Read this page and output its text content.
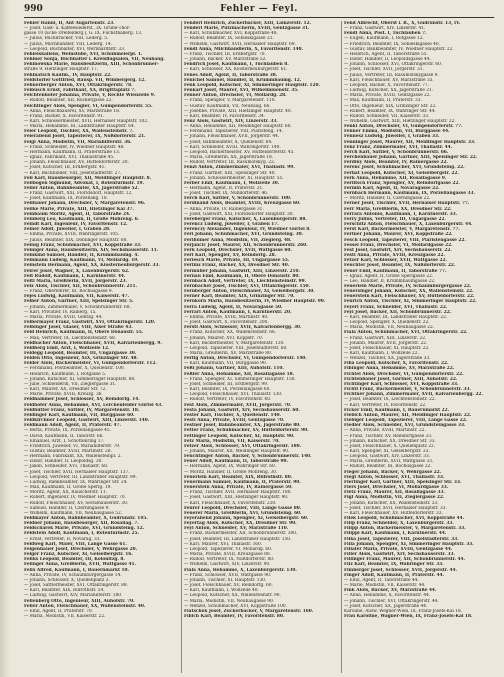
990	Fehler — Feyl.
Fehler Hanni, II, Ant Augartenstr. 23.
— Josef, Gast- u. Kaffeesiedersf., IX. Grüne-Thor-
gasse 10 (Ecke Dreifelderg.), G. IX, Fuchsthallerg. 13.
— Julius, Buchdrucker, VIII, Lederg. 5.
— Julius, Milchhändler, VIII, Lederg. 14.
— Leopold, Buchbalter, XVI, Wernhardtstr. 33.
Fehleiskaliens, Weinstube, XVI, Schuhmeierpl. 1.
Fehlner Sonja, Buchhalter i. Kreisflugsalen, VII, Neubaug.
Fehlnowska Marie, Hausbesitzerin, XIII, Schönbrunner-
straße 9, Hietzinger Hauptstr. 17.
Fehlnatsch Kaufm., IV, Hauptstr. 22.
Feldstorfer Gottfried, Bausp. VII, Wimbergerg. 12.
Fehnerberger Anton, XVI, Ottakringerstr. 78.
Feibusch Ernst, Fabrikant, XX, Brigittaplatz 7.
Feichtenhofer Johanna, Private, V, Rechte Wienzeile 9.
— Rudolf, Beamter, XII, Ruckergasse 22.
Feichtinger Alois, Spengler, VI, Gumpendorferstr. 55.
— Anna, Fleischhauerei, XV, Märzstraße 18.
— Franz, Bäcker, X, Favoritenstr. 91.
— Karl, Schlossermeister, XVII, Hernalser Hauptstr. 102.
— Maria, Hebamme, III, Landstraßer Hauptstr. 64.
Feier Leopold, Tischler, XX, Wallensteinstr. 7.
Feierabend Josef, Tapezierer, IX, Nußdorferstr. 21.
Feigl Anna, Modistin, VII, Mariahilferstr. 36.
— Franz, Schneider, IV, Wiedner Hauptstr. 48.
— Hermann, Kaufmann, II, Praterstraße 13.
— Ignaz, Fabrikant, XVI, Thaliastraße 45.
— Johann, Fleischhauer, XV, Hütteldorferstr. 20.
— Josef, Kutscher, III, Erdbergstr. 41.
— Karl, Buchbinder, VIII, Josefstädterstr. 27.
Feil Karl, Hausbesorger, XII, Meidlinger Hauptstr. 8.
Feilbogen Sigmund, Advokat, I, Rotenturmstr. 19.
Feiler Anton, Bahnbeamter, XX, Jägerstraße 52.
— Franz, Gastwirt, XXI, Floridsdorf, Hauptstr. 12.
— Josef, Kaufmann, IX, Porzellang. 18.
Feilhauer Johann, Drechsler, V, Margaretenstr. 96.
Feilke Marie, Private, XIII, Hietzinger Kai 37.
Feinbaum Moritz, Agent, II, Taborstraße 24.
Feinberg Leo, Kaufmann, II, Große Mohreng. 6.
Feindt Karl, Ingenieur, IV, Favoritenstr. 12.
Feiner Adolf, Juwelier, I, Graben 28.
— Emma, Private, XVIII, Währingerstr. 105.
— Julius, Beamter, XIX, Döblinger Hauptstr. 60.
Feinig Franz, Schuhmacher, XVI, Koppstraße 33.
Feiniger Anna, Hausbesitzerin, XIV, Sechshauserstr. 11.
Feinkind Samuel, Händler, II, Krummbaumg. 4.
Feinmann Ludwig, Kaufmann, VI, Mollardg. 19.
Feinstein Hermann, Agent, XX, Klosterneuburgerstr. 33.
Feirer Josef, Wagner, X, Laxenburgerstr. 62.
Feit Rudolf, Kaufmann, I, Kärntnerstr. 44.
Feitl Maria, Greißlerin, XVII, Jörgerstr. 23.
Feix Alois, Tischler, XII, Schönbrunnerstr. 211.
— Franz, Oberlehrer, III, Rochusgasse 9.
Fejes Ludwig, Kaufmann, VII, Kaiserstr. 47.
Felber Anton, Gärtner, XIII, Speisinger Str. 5.
— Johann, Zimmermaler, V, Schönbrunnerstr. 68.
— Karl, Privatier, IV, Rainerg. 15.
— Maria, Private, XVIII, Gentzg. 44.
Felbermayer Franz, Gastwirt, XVI, Ottakringerstr. 120.
Felbinger Josef, Glaser, VIII, Alser Straße 43.
Feld Heinrich, Kaufmann, II, Obere Donaustr. 55.
— Max, Vertreter, IX, Liechtensteinstr. 68.
Feldbacher Anton, Fleischhauer, XVII, Kalvarienbergg. 9.
Feldberg Emil, Arzt, I, Wollzeile 12.
Feldegg Leopold, Beamter, III, Ungargasse 30.
Felden Otto, Ingenieur, XIX, Grinzinger Str. 48.
Felder Alois, Bäckermeister, VI, Gumpendorferstr. 112.
— Ferdinand, Postbeamter, X, Quellenstr. 100.
— Heinrich, Kaufmann, I, Rotgasse 5.
— Johann, Kutscher, XI, Simmeringer Hauptstr. 88.
— Julie, Schneiderin, VII, Zieglergasse 31.
— Karl, Maurer, XX, Dresdner Str. 72.
— Marie, Private, XVIII, Kreuzg. 36.
Feldhammer Josef, Schlosser, XV, Reindorfg. 14.
Feldhofer Anna, Hebamme, XVI, Lerchenfelder Gürtel 43.
Feldhütter Franz, Sattler, IV, Margaretenstr. 18.
Feldinger Karl, Kaufmann, VII, Burggasse 60.
Feldkirchner Leopold, Gastwirt, XIII, Linzerstr. 140.
Feldmann Adolf, Agent, II, Praterstr. 47.
— Berta, Private, IX, Porzellangasse 45.
— David, Kaufmann, II, Taborstr. 66.
— Emanuel, Arzt, I, Schottenring 17.
— Friedrich, Juwelier, VI, Mariahilferstr. 79.
— Gustav, Beamter, XVIII, Martinstr. 28.
— Hermann, Fabrikant, XX, Wallensteinpl. 2.
— Isidor, Händler, II, Leopoldsg. 30.
— Jakob, Schneider, XVI, Thaliastr. 68.
— Josef, Tischler, XVII, Hernalser Hauptstr. 137.
— Leopold, Vertreter, III, Landstraßer Hauptstr. 99.
— Ludwig, Bankbeamter, IX, Währinger Str. 24.
— Max, Kaufmann, II, Große Sperlg. 19.
— Moritz, Agent, XX, Rauscherstr. 11.
— Robert, Ingenieur, IV, Wiedner Hauptstr. 70.
— Rudolf, Fleischhauer, XV, Sechshauserstr. 30.
— Samuel, Händler, II, Czerningasse 9.
— Wilhelm, Kaufmann, VII, Neubaugasse 52.
Feldmayer Anton, Bahnbeamter, X, Gudrunstr. 145.
Feldner Johann, Hausbesorger, XII, Rosaliag. 7.
Feldscharek Marie, Private, XVI, Grundsteing. 12.
Feldstein Adolf, Kaufmann, I, Rotenturmstr. 25.
— Ernst, Vertreter, II, Novarag. 33.
Feldweg Karl, Maler, VIII, Lange Gasse 61.
Felgenhauer Josef, Drechsler, V, Wehrgasse 20.
Felger Franz, Kutscher, XI, Geiselbergstr. 16.
Feliks Leopold, Beamter, III, Kolonitzg. 8.
Felinger Anna, Greißlerin, XVII, Wattgasse 41.
Felix Alfred, Kaufmann, I, Bauernmarkt 10.
— Anna, Private, IV, Schaumburgergasse 14.
— Johann, Schlosser, X, Quellenplatz 3.
— Josef, Sattlermeister, XVI, Ottakringerstr. 88.
— Karl, Beamter, XIX, Billrothstr. 54.
— Ludwig, Gastwirt, XIV, Mariahilferstr. 180.
Fellenberg Otto, Ingenieur, XIII, Auhofstr. 70.
Feller Anton, Fleischhauer, XX, Wallensteinstr. 40.
— Emil, Agent, II, Praterstr. 70.
— Maria, Modistin, VII, Kaiserstr. 22.
Fenderl Heinrich, Zuckerbäcker, XIII, Lainzerstr. 12.
Fenderl Marie, Putzmacherin, XVIII, Gentzgasse 31.
— Karl, Schuhmacher, XVI, Koppstraße 48.
— Rudolf, Beamter, IX, Sobieskigasse 21.
— Wilhelm, Gastwirt, XVII, Hernalser Hauptstr. 69.
Fendl Anna, Milchhändlerin, X, Favoritenstr. 148.
— Franz, Tischler, III, Erdbergstr. 70.
— Johann, Bäcker, XV, Märzstraße 52.
Fendrich Josef, Kaufmann, I, Tuchlauben 8.
— Karl, Schlosser, XX, Klosterneuburgerstr. 61.
Fenes Adolf, Agent, II, Taborstraße 38.
Fenichel Samuel, Händler, II, Krummbaumg. 12.
Fenk Leopold, Kutscher, XI, Simmeringer Hauptstr. 120.
Fenkart Josef, Maurer, XVI, Wilhelminenstr. 35.
Fenner Anton, Drechsler, VI, Mollardg. 28.
— Franz, Spengler, V, Margaretenstr. 110.
— Gustav, Kaufmann, VII, Neubaug. 66.
— Josefine, Private, XIII, Hietzinger Hauptstr. 40.
— Karl, Beamter, IV, Favoritenstr. 34.
Fenz Alois, Gastwirt, XIV, Linzerstr. 33.
— Anna, Hebamme, XII, Meidlinger Hauptstr. 60.
— Ferdinand, Tapezierer, VIII, Piaristeng. 14.
— Johann, Fleischhauer, XVII, Jörgerstr. 44.
— Josef, Bahnbeamter, X, Quellenstr. 64.
— Karl, Schneider, XVIII, Währingerstr. 140.
— Leopold, Bäckermeister, XV, Hütteldorferstr. 45.
— Maria, Greißlerin, XX, Jägerstraße 18.
— Rudolf, Vertreter, III, Rasumofskyg. 22.
Fenzl Anton, Zimmermaler, XVI, Thaliastr. 99.
— Franz, Gärtner, XIII, Speisinger Str. 40.
— Johann, Schlossermeister, XI, Hauptstr. 55.
Ferber Emil, Kaufmann, I, Wollzeile 30.
— Hermann, Agent, II, Praterstr. 21.
— Josef, Tischler, IX, Nußdorferstr. 46.
Ferch Karl, Sattler, V, Schönbrunnerstr. 100.
Ferdinand Alois, Beamter, XVIII, Kreuzgasse 60.
— Anna, Private, IV, Rainergasse 31.
— Josef, Gastwirt, XXI, Floridsdorfer Hauptstr. 30.
Fereberger Franz, Kutscher, X, Laxenburgerstr. 88.
Ferencz Ludwig, Juwelier, I, Graben 17.
Ferenczy Alexander, Ingenieur, IV, Wiedner Gürtel 8.
Feri Johann, Schuhmacher, XVI, Grundsteing. 30.
Ferihumer Anna, Modistin, VII, Zieglerg. 48.
Ferjancic Josef, Maurer, XII, Schönbrunnerstr. 260.
Ferk Leopold, Drechsler, XVII, Wattgasse 60.
Ferl Karl, Spengler, XV, Reindorfg. 28.
Ferlesch Marie, Private, III, Ungargasse 55.
Ferlinz Franz, Bäcker, XX, Dresdner Str. 40.
Fermüller Johann, Gastwirt, XIII, Linzerstr. 210.
Fernau Emil, Kaufmann, II, Obere Donaustr. 80.
Fernbach Adolf, Vertreter, IX, Liechtensteinstr. 99.
Fernbacher Josef, Tischler, XVI, Ottakringerstr. 150.
Fernberger Anton, Fleischhauer, XI, Geiselbergstr. 30.
Ferner Karl, Beamter, XIX, Grinzinger Str. 70.
Fernkorn Maria, Hausbesitzerin, IV, Wiedner Hauptstr. 90.
Ferra Ludwig, Agent, II, Novaragasse 50.
Ferrari Anton, Kaufmann, I, Kärntnerstr. 20.
— Emma, Private, XVIII, Martinstr. 40.
— Josef, Gastwirt, X, Favoritenstr. 200.
Ferstl Alois, Schlosser, XVII, Kalvarienbergg. 30.
— Franz, Kutscher, XX, Wallensteinstr. 66.
— Johann, Maurer, XVI, Koppstr. 70.
— Karl, Bäckermeister, V, Margaretenstr. 130.
— Leopold, Tapezierer, VIII, Josefstädterstr. 60.
— Maria, Greißlerin, XV, Märzstraße 80.
Fertig Anton, Drechsler, VI, Gumpendorferstr. 140.
— Karl, Kaufmann, VII, Burggasse 90.
Feßl Johann, Gärtner, XIII, Auhofstr. 110.
Feßler Anna, Hebamme, XII, Rosaliagasse 18.
— Franz, Spengler, XI, Simmeringer Hauptstr. 150.
— Josef, Schneider, III, Erdbergstr. 99.
— Karl, Beamter, IX, Porzellangasse 60.
— Leopold, Fleischhauer, XVI, Thaliastr. 130.
— Rudolf, Vertreter, IV, Favoritenstr. 60.
Fest Alois, Zimmermaler, XVII, Jörgerstr. 70.
Festa Johann, Gastwirt, XIV, Sechshauserstr. 60.
Fester Karl, Tischler, X, Quellenstr. 140.
Festl Anna, Private, XVIII, Gentzgasse 70.
Festner Josef, Bahnbeamter, XX, Jägerstraße 80.
Fetter Franz, Schuhmacher, XV, Hütteldorferstr. 90.
Fettinger Leopold, Kutscher, XI, Hauptstr. 90.
Fetz Maria, Modistin, VII, Kaiserstr. 70.
Fetzer Alois, Schlosser, XVI, Ottakringerstr. 180.
— Johann, Maurer, XII, Meidlinger Hauptstr. 90.
Feuchtinger Anton, Bäcker, V, Schönbrunnerstr. 140.
Feuer Adolf, Kaufmann, II, Taborstraße 90.
— Hermann, Agent, IX, Währinger Str. 60.
— Moritz, Händler, II, Große Mohreng. 30.
Feuerlein Karl, Beamter, XIX, Billrothstr. 80.
Feuermann Samuel, Kaufmann, II, Praterstr. 90.
Feuerstein Anna, Private, IV, Rainergasse 50.
— Franz, Tischler, XVII, Hernalser Hauptstr. 180.
— Josef, Gastwirt, XIII, Hietzinger Hauptstr. 90.
— Karl, Fleischhauer, X, Favoritenstr. 230.
Feurer Leopold, Drechsler, VIII, Lange Gasse 80.
Feuerer Maria, Greißlerin, XVI, Grundsteing. 60.
Feyerabend Johann, Spengler, XI, Geiselbergstr. 60.
Feyertag Alois, Kutscher, XX, Dresdner Str. 90.
Feyl Anton, Schneider, XV, Märzstraße 110.
— Franz, Bäckermeister, XII, Schönbrunnerstr. 300.
— Josef, Beamter, III, Landstraßer Hauptstr. 150.
— Karl, Maurer, XVI, Thaliastr. 160.
— Leopold, Tapezierer, VI, Mollardg. 60.
— Maria, Private, XVIII, Kreuzgasse 80.
— Rudolf, Vertreter, IX, Nußdorferstr. 80.
— Wilhelm, Gastwirt, XIV, Linzerstr. 90.
Fiala Anna, Hebamme, X, Laxenburgerstr. 130.
— Franz, Schlosser, XVII, Wattgasse 90.
— Johann, Tischler, XI, Hauptstr. 130.
— Josef, Fleischhauer, XV, Reindorfg. 60.
— Karl, Kaufmann, I, Wollzeile 40.
— Leopold, Kutscher, XX, Wallensteinstr. 90.
— Maria, Modistin, VII, Neubaugasse 90.
— Wenzel, Schuhmacher, XVI, Koppstraße 100.
Fiatschek Josef, Zuckerbäcker, V, Margaretenstr. 160.
Fibich Karl, Beamter, IV, Favoritenstr. 80.
Fend Albrecht, Oberst i. R., X, Gudrunstr. 13, IV.
— Franz, Gastwirt, XIV, Linzerstr. 41.
Fendl Anna, Post. I, Tuchlauben 7.
— Eugen, Kaufmann, I, Rotgasse 12.
— Friedrich, Beamter, IX, Sobieskigasse 40.
— Gustav, Bankbeamter, IV, Wiedner Hauptstr. 22.
— Heinrich, Agent, II, Taborstraße 55.
— Isidor, Händler, II, Leopoldsgasse 44.
— Johann, Schlosser, XVI, Ottakringerstr. 60.
— Josef, Tischler, XVII, Jörgerstr. 31.
— Julius, Vertreter, III, Rasumofskygasse 9.
— Karl, Fleischhauer, XV, Märzstraße 33.
— Leopold, Bäcker, X, Favoritenstr. 77.
— Ludwig, Kutscher, XX, Jägerstraße 21.
— Maria, Private, XVIII, Gentzgasse 22.
— Max, Kaufmann, II, Praterstr. 33.
— Otto, Ingenieur, XIX, Grinzinger Str. 22.
— Robert, Beamter, IX, Währinger Str. 44.
— Rudolf, Schneider, VII, Kaiserstr. 33.
— Wilhelm, Gastwirt, XIII, Hietzinger Hauptstr. 22.
Fenkl Anton, Drechsler, VI, Gumpendorferstr. 77.
Fenner Emma, Modistin, VII, Burggasse 44.
Fennesz Ludwig, Juwelier, I, Graben 33.
Fenninger Josef, Maurer, XII, Meidlinger Hauptstr. 33.
Fenz Franz, Zimmermaler, XVI, Thaliastr. 44.
Ferch Karl, Sattler, V, Schönbrunnerstr. 66.
Ferchenbauer Johann, Gärtner, XIII, Speisinger Str. 22.
Ferdiny Alois, Beamter, IV, Rainergasse 22.
Ferenc Josef, Schuhmacher, XVI, Grundsteing. 22.
Ferhat Leopold, Kutscher, XI, Geiselbergstr. 22.
Ferk Anna, Hebamme, XII, Rosaliagasse 9.
Ferlitsch Franz, Spengler, XV, Reindorfgasse 22.
Fermin Karl, Agent, II, Novaragasse 22.
Fernbach Hermann, Kaufmann, IX, Porzellangasse 33.
— Moritz, Händler, II, Czerningasse 22.
Ferner Josef, Tischler, XVII, Hernalser Hauptstr. 77.
Ferr Maria, Greißlerin, XX, Dresdner Str. 22.
Ferrara Antonio, Kaufmann, I, Kärntnerstr. 33.
Ferry Julius, Vertreter, III, Ungargasse 22.
Ferschitz Anton, Fleischhauer, X, Laxenburgerstr. 44.
Ferst Karl, Bäckermeister, V, Margaretenstr. 77.
Fertner Johann, Maurer, XVI, Koppstraße 22.
Fesch Leopold, Tapezierer, VIII, Piaristengasse 22.
Fessel Franz, Drechsler, VI, Mollardgasse 22.
Fest Josef, Gastwirt, XIV, Sechshauserstr. 22.
Festl Anna, Private, XVIII, Kreuzgasse 22.
Fetzer Karl, Schlosser, XVII, Wattgasse 22.
Feuchter Josef, Beamter, IX, Nußdorferstr. 22.
Feuer Emil, Kaufmann, II, Taborstraße 77.
— Ignaz, Agent, II, Große Sperlgasse 22.
— Leo, Händler, II, Krummbaumgasse 22.
Feuerlein Marie, Private, IV, Schaumburgergasse 22.
Feuersinger Johann, Kutscher, XX, Wallensteinstr. 22.
Feuerstein Karl, Fleischhauer, XV, Hütteldorferstr. 22.
Feurich Anton, Tischler, XI, Simmeringer Hauptstr. 22.
Feyerl Franz, Schneider, XVI, Thaliastr. 22.
Feyl Josef, Bäcker, XII, Schönbrunnerstr. 22.
— Karl, Beamter, III, Landstraßer Hauptstr. 22.
— Leopold, Spengler, X, Quellenstr. 22.
— Maria, Modistin, VII, Neubaugasse 22.
Fiala Anton, Schuhmacher, XVI, Ottakringerstr. 22.
— Franz, Gastwirt, XIII, Linzerstr. 22.
— Johann, Maurer, XVII, Jörgerstr. 22.
— Josef, Fleischhauer, XI, Hauptstr. 22.
— Karl, Kaufmann, I, Wollzeile 22.
— Wenzel, Tischler, XX, Jägerstraße 33.
Fiba Leopold, Kutscher, X, Favoritenstr. 22.
Fibinger Anna, Hebamme, XV, Märzstraße 22.
Fichtel Alois, Drechsler, VI, Gumpendorferstr. 22.
Fichtenbauer Josef, Gärtner, XIII, Auhofstr. 22.
Fichtinger Karl, Schlosser, XVI, Koppstraße 33.
Fichtl Franz, Bäckermeister, V, Schönbrunnerstr. 33.
Fichtner Johann, Zimmermaler, XVII, Kalvarienbergg. 22.
— Josef, Beamter, IX, Liechtensteinstr. 22.
— Karl, Vertreter, IV, Favoritenstr. 22.
Ficker Emil, Kaufmann, I, Bauernmarkt 22.
Fiebich Anton, Maurer, XII, Meidlinger Hauptstr. 22.
Fiebiger Leopold, Tapezierer, VIII, Lange Gasse 22.
Fiedler Alois, Schneider, XVI, Grundsteingasse 33.
— Anna, Private, XVIII, Martinstr. 22.
— Franz, Tischler, XV, Reindorfgasse 33.
— Johann, Kutscher, XX, Dresdner Str. 33.
— Josef, Fleischhauer, X, Quellenplatz 22.
— Karl, Spengler, XI, Geiselbergstr. 33.
— Leopold, Gastwirt, XIV, Linzerstr. 33.
— Maria, Greißlerin, XVII, Wattgasse 33.
— Rudolf, Beamter, III, Rochusgasse 22.
Fieger Johann, Bäcker, V, Wehrgasse 22.
Fiegl Anton, Schlosser, XVI, Thaliastr. 33.
Fierlinger Karl, Gärtner, XIII, Speisinger Str. 33.
Fiers Josef, Drechsler, VI, Mollardgasse 33.
Fietz Franz, Maurer, XII, Rosaliagasse 33.
Figl Anna, Modistin, VII, Zieglergasse 22.
— Johann, Kutscher, XX, Wallensteinstr. 33.
— Josef, Tischler, XVII, Hernalser Hauptstr. 33.
— Karl, Fleischhauer, XV, Hütteldorferstr. 33.
Filek Leopold, Schuhmacher, XVI, Koppstraße 44.
Filip Franz, Schneider, X, Laxenburgerstr. 33.
Filipp Anton, Bäckermeister, V, Margaretenstr. 33.
Filippi Karl, Kaufmann, I, Kärntnerstr. 44.
Filka Josef, Tapezierer, VIII, Josefstädterstr. 33.
Filla Johann, Spengler, XI, Simmeringer Hauptstr. 33.
Fillafer Maria, Private, XVIII, Gentzgasse 44.
Filler Alois, Gastwirt, XIV, Sechshauserstr. 33.
Fillinger Franz, Maurer, XII, Schönbrunnerstr. 44.
Filz Karl, Beamter, IX, Währinger Str. 33.
Fimberger Josef, Schlosser, XVII, Jörgerstr. 44.
Finger Adolf, Kaufmann, II, Praterstr. 44.
— Emil, Agent, II, Taborstraße 44.
— Marie, Modistin, VII, Kaiserstr. 44.
Fink Alois, Bäcker, XV, Märzstraße 44.
— Anna, Hebamme, X, Favoritenstr. 44.
— Johann, Tischler, XVI, Ottakringerstr. 44.
— Josef, Kutscher, XX, Jägerstraße 44.
Karoline, Ausw. Wegner-Wien, IX, Franz-Josefs-Kai 18.
Frau Karoline, Wagner-Wien, IX, Franz-Josefs-Kai 18.
